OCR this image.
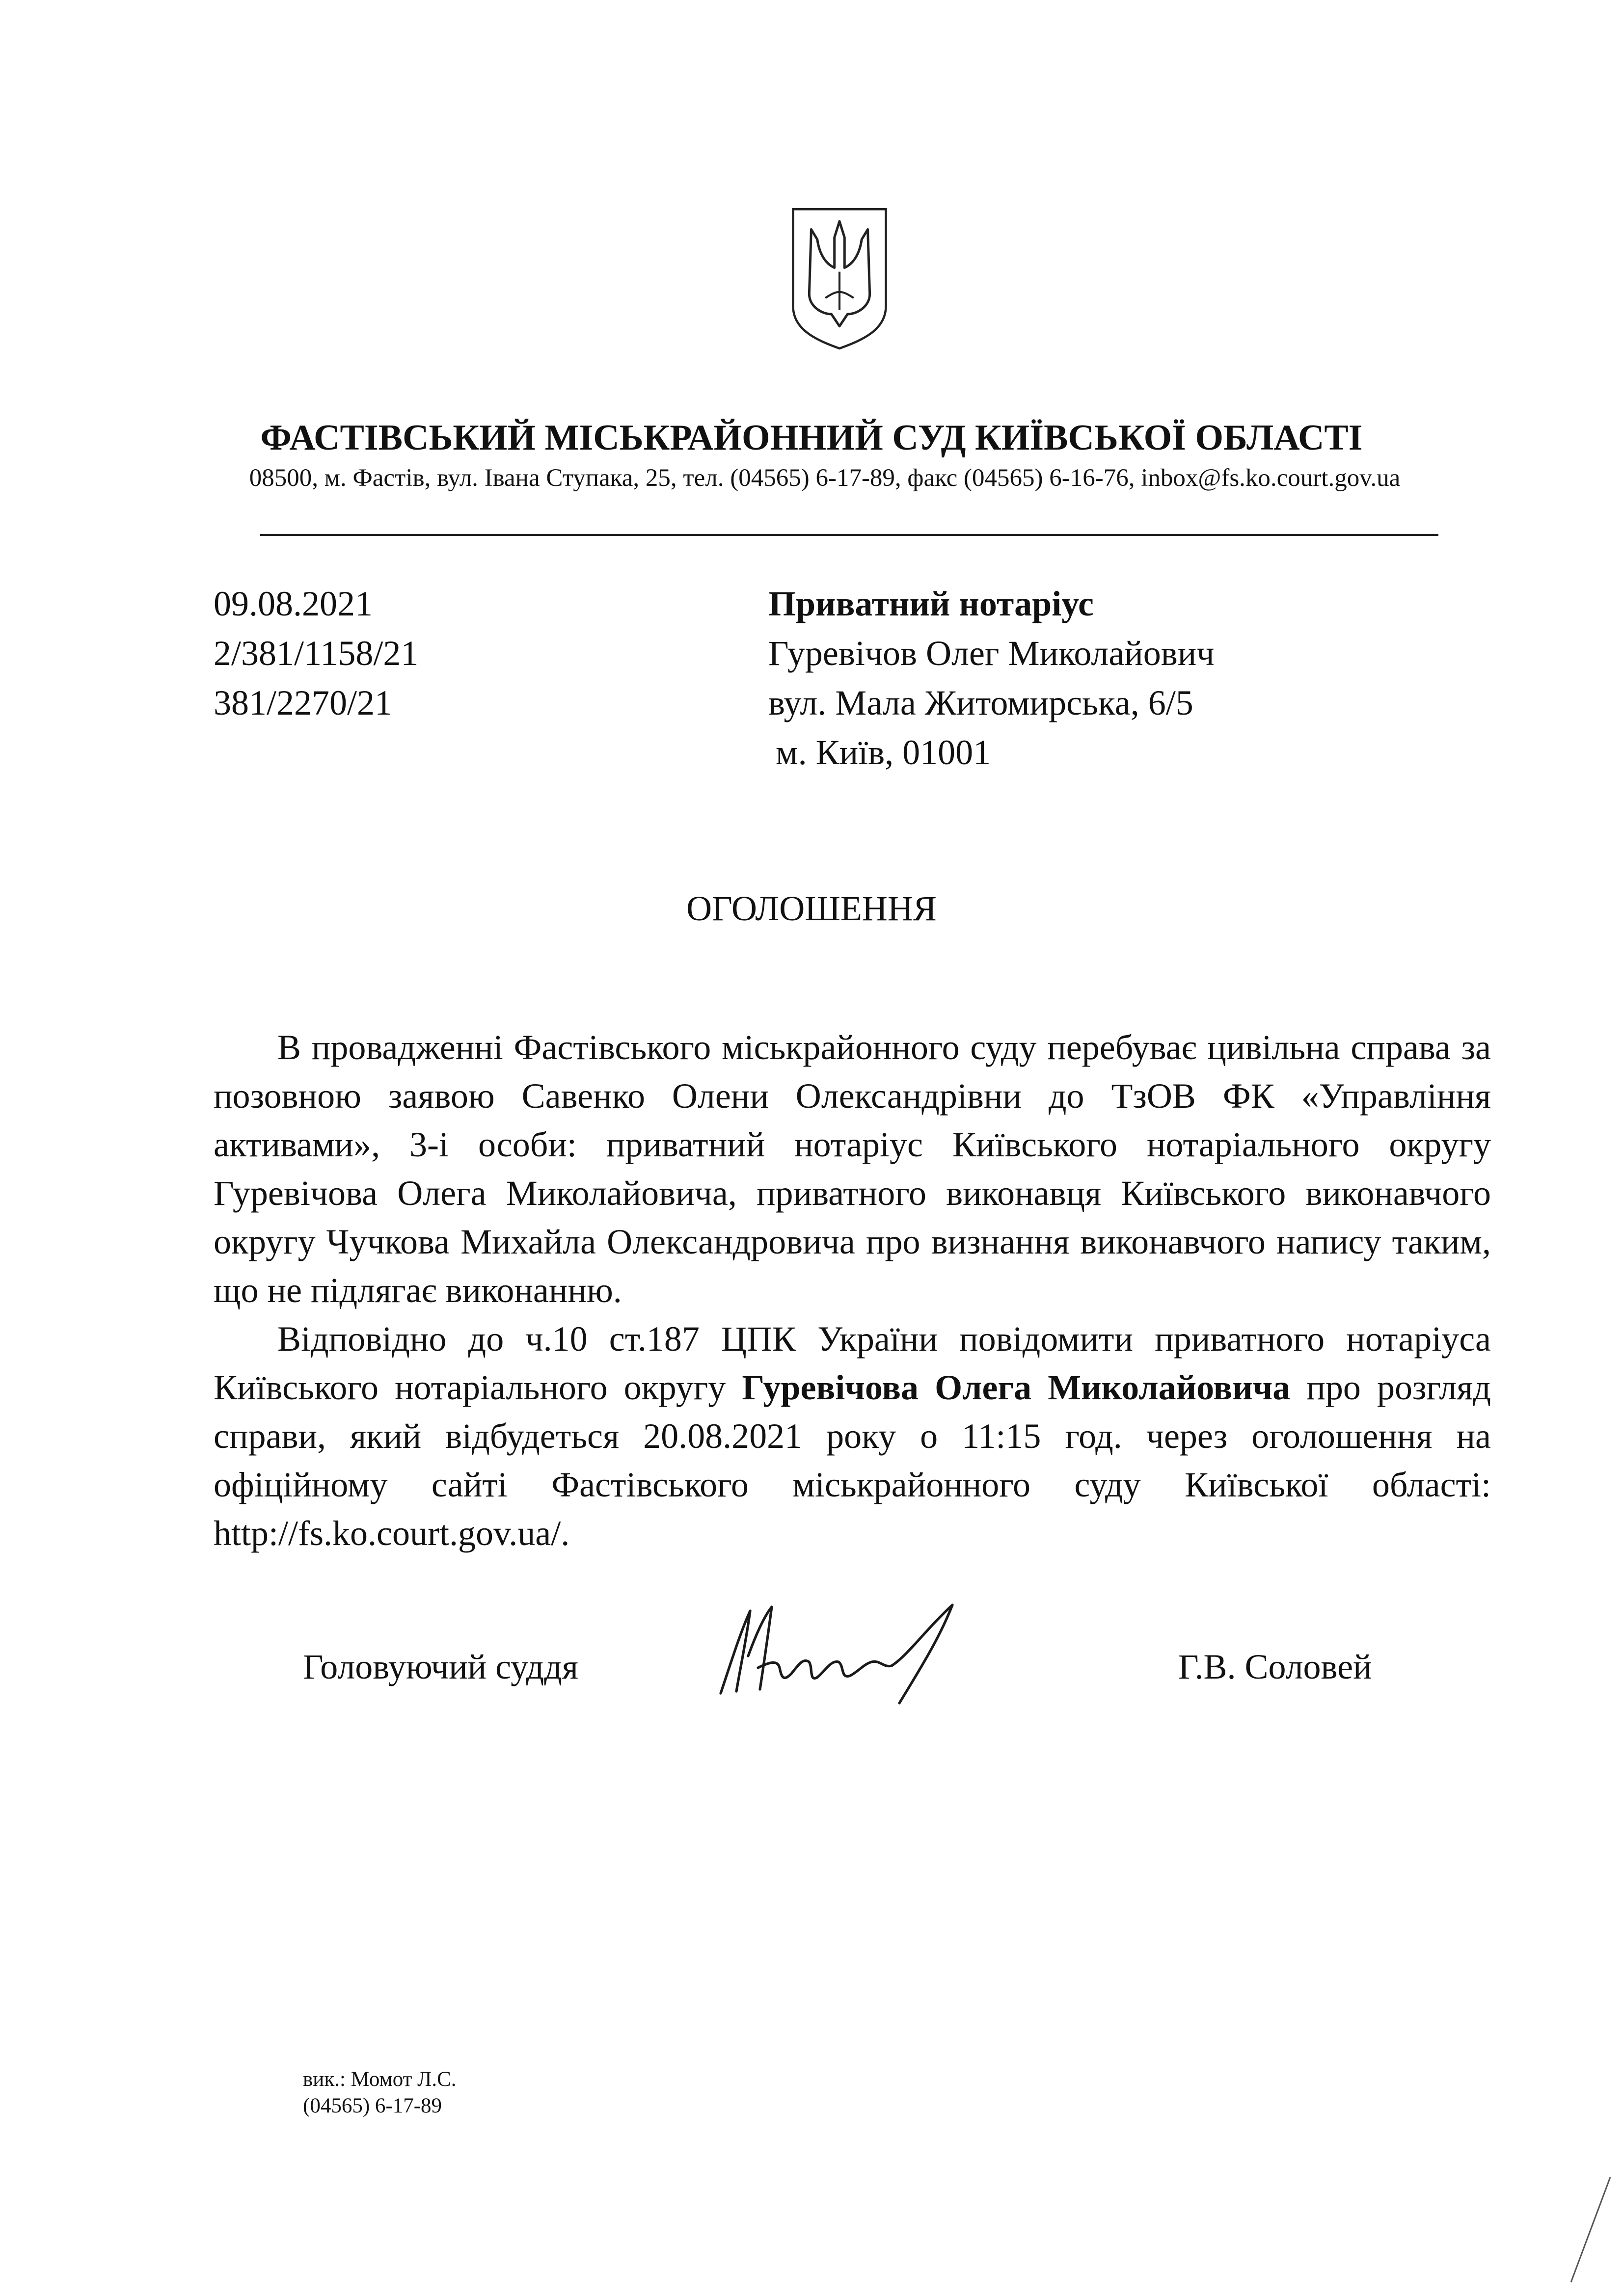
ФАСТІВСЬКИЙ МІСЬКРАЙОННИЙ СУД КИЇВСЬКОЇ ОБЛАСТІ
08500, м. Фастів, вул. Івана Ступака, 25, тел. (04565) 6-17-89, факс (04565) 6-16-76, inbox@fs.ko.court.gov.ua
09.08.2021
2/381/1158/21
381/2270/21
Приватний нотаріус
Гуревічов Олег Миколайович
вул. Мала Житомирська, 6/5
м. Київ, 01001
ОГОЛОШЕННЯ

В провадженні Фастівського міськрайонного суду перебуває цивільна справа за позовною заявою Савенко Олени Олександрівни до ТзОВ ФК «Управління активами», 3-і особи: приватний нотаріус Київського нотаріального округу Гуревічова Олега Миколайовича, приватного виконавця Київського виконавчого округу Чучкова Михайла Олександровича про визнання виконавчого напису таким, що не підлягає виконанню.

Відповідно до ч.10 ст.187 ЦПК України повідомити приватного нотаріуса Київського нотаріального округу Гуревічова Олега Миколайовича про розгляд справи, який відбудеться 20.08.2021 року о 11:15 год. через оголошення на офіційному сайті Фастівського міськрайонного суду Київської області: http://fs.ko.court.gov.ua/.

Головуючий суддя	Г.В. Соловей
вик.: Момот Л.С.
(04565) 6-17-89
